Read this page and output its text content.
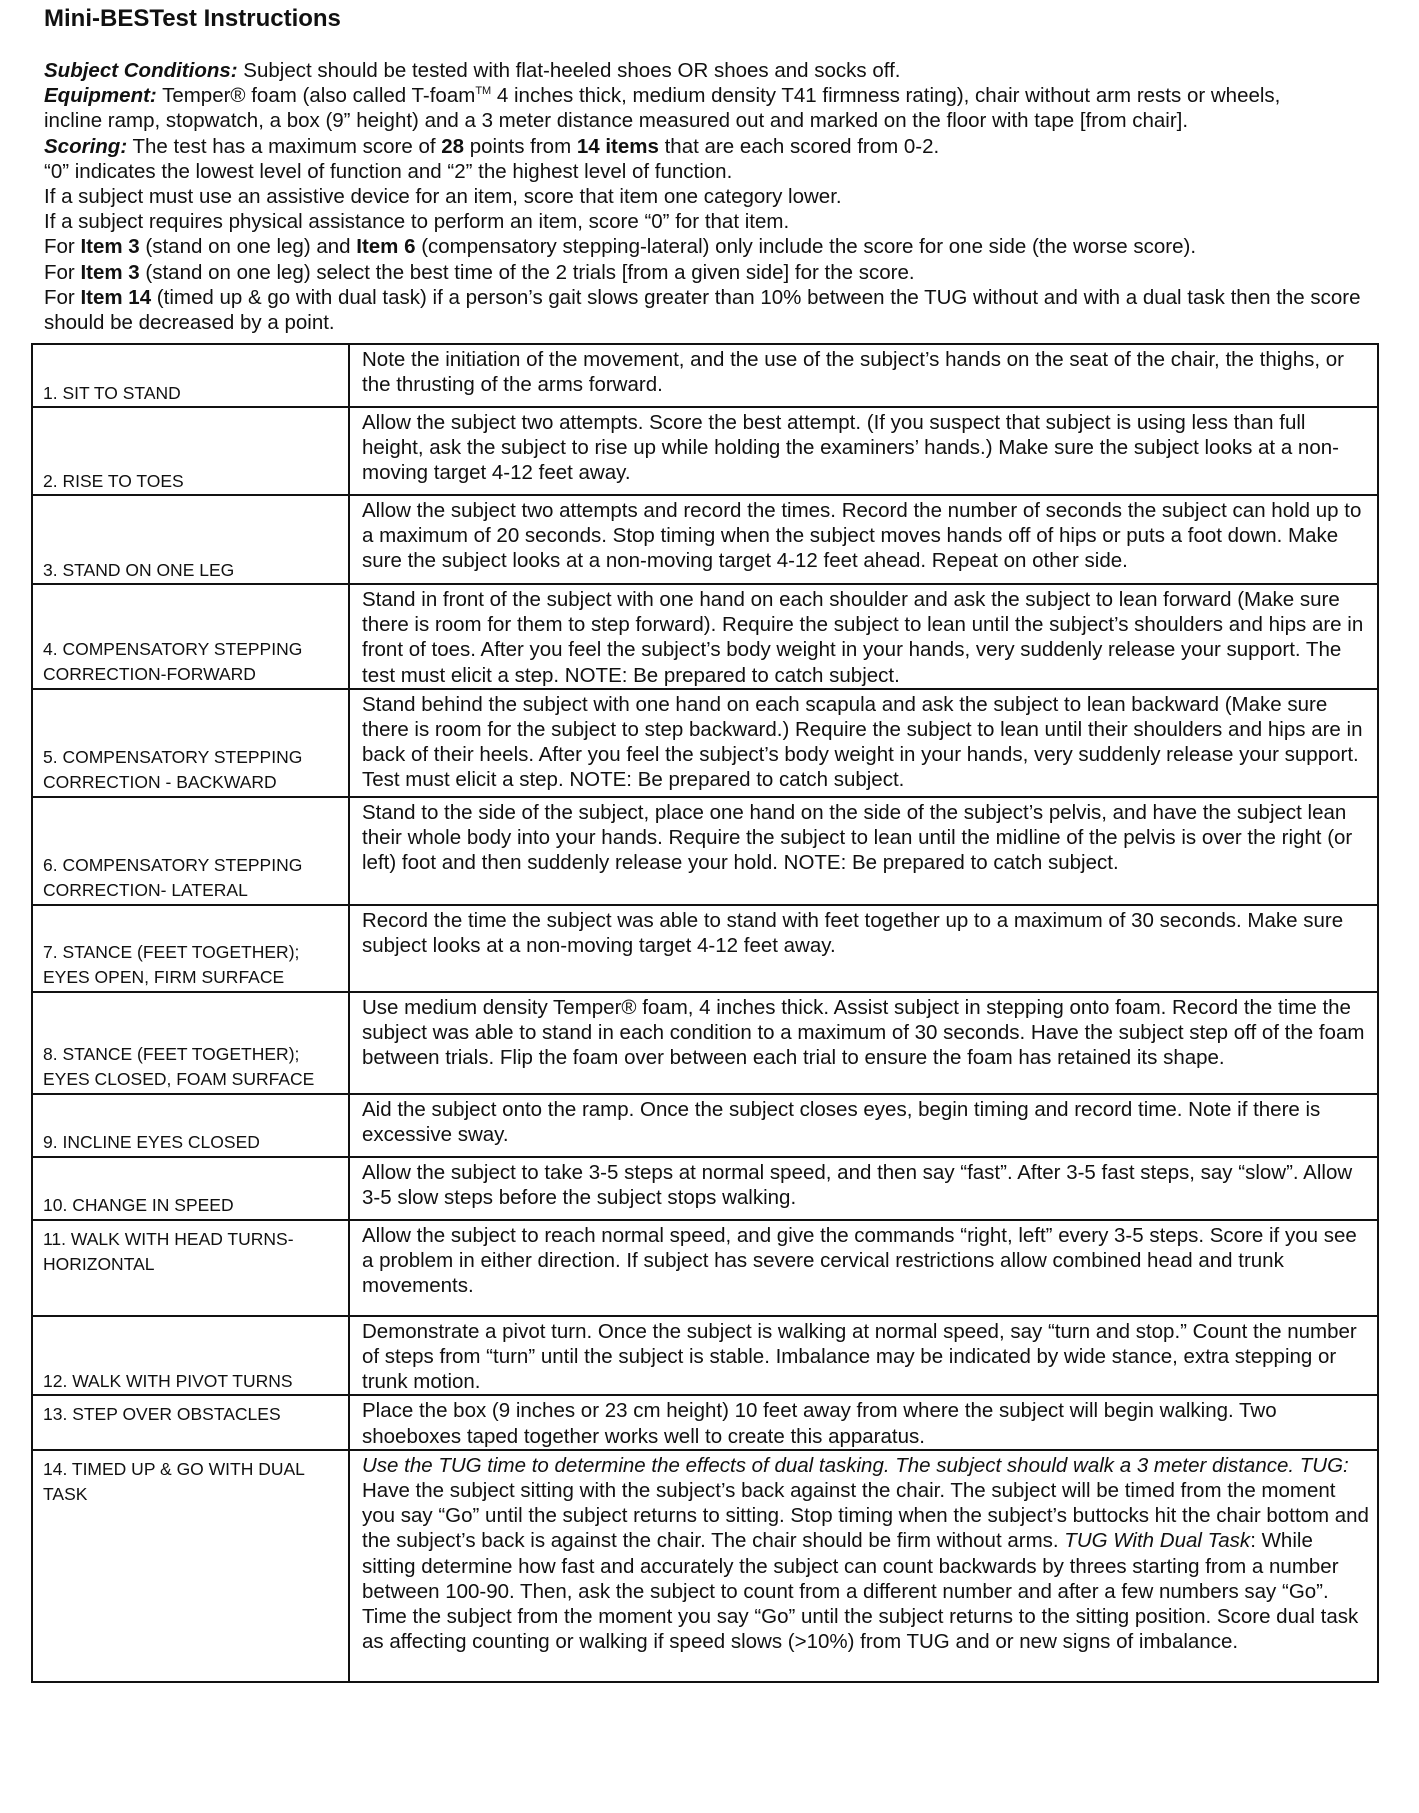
Mini-BESTest Instructions
Subject Conditions: Subject should be tested with flat-heeled shoes OR shoes and socks off.
Equipment: Temper® foam (also called T-foam™ 4 inches thick, medium density T41 firmness rating), chair without arm rests or wheels,
incline ramp, stopwatch, a box (9” height) and a 3 meter distance measured out and marked on the floor with tape [from chair].
Scoring: The test has a maximum score of 28 points from 14 items that are each scored from 0-2.
“0” indicates the lowest level of function and “2” the highest level of function.
If a subject must use an assistive device for an item, score that item one category lower.
If a subject requires physical assistance to perform an item, score “0” for that item.
For Item 3 (stand on one leg) and Item 6 (compensatory stepping-lateral) only include the score for one side (the worse score).
For Item 3 (stand on one leg) select the best time of the 2 trials [from a given side] for the score.
For Item 14 (timed up & go with dual task) if a person’s gait slows greater than 10% between the TUG without and with a dual task then the score should be decreased by a point.
1. SIT TO STAND	Note the initiation of the movement, and the use of the subject’s hands on the seat of the chair, the thighs, or the thrusting of the arms forward.
2. RISE TO TOES	Allow the subject two attempts. Score the best attempt. (If you suspect that subject is using less than full height, ask the subject to rise up while holding the examiners’ hands.) Make sure the subject looks at a non-moving target 4-12 feet away.
3. STAND ON ONE LEG	Allow the subject two attempts and record the times. Record the number of seconds the subject can hold up to a maximum of 20 seconds. Stop timing when the subject moves hands off of hips or puts a foot down. Make sure the subject looks at a non-moving target 4-12 feet ahead. Repeat on other side.
4. COMPENSATORY STEPPING CORRECTION-FORWARD	Stand in front of the subject with one hand on each shoulder and ask the subject to lean forward (Make sure there is room for them to step forward). Require the subject to lean until the subject’s shoulders and hips are in front of toes. After you feel the subject’s body weight in your hands, very suddenly release your support. The test must elicit a step. NOTE: Be prepared to catch subject.
5. COMPENSATORY STEPPING CORRECTION - BACKWARD	Stand behind the subject with one hand on each scapula and ask the subject to lean backward (Make sure there is room for the subject to step backward.) Require the subject to lean until their shoulders and hips are in back of their heels. After you feel the subject’s body weight in your hands, very suddenly release your support. Test must elicit a step. NOTE: Be prepared to catch subject.
6. COMPENSATORY STEPPING CORRECTION- LATERAL	Stand to the side of the subject, place one hand on the side of the subject’s pelvis, and have the subject lean their whole body into your hands. Require the subject to lean until the midline of the pelvis is over the right (or left) foot and then suddenly release your hold. NOTE: Be prepared to catch subject.
7. STANCE (FEET TOGETHER); EYES OPEN, FIRM SURFACE	Record the time the subject was able to stand with feet together up to a maximum of 30 seconds. Make sure subject looks at a non-moving target 4-12 feet away.
8. STANCE (FEET TOGETHER); EYES CLOSED, FOAM SURFACE	Use medium density Temper® foam, 4 inches thick. Assist subject in stepping onto foam. Record the time the subject was able to stand in each condition to a maximum of 30 seconds. Have the subject step off of the foam between trials. Flip the foam over between each trial to ensure the foam has retained its shape.
9. INCLINE EYES CLOSED	Aid the subject onto the ramp. Once the subject closes eyes, begin timing and record time. Note if there is excessive sway.
10. CHANGE IN SPEED	Allow the subject to take 3-5 steps at normal speed, and then say “fast”. After 3-5 fast steps, say “slow”. Allow 3-5 slow steps before the subject stops walking.
11. WALK WITH HEAD TURNS- HORIZONTAL	Allow the subject to reach normal speed, and give the commands “right, left” every 3-5 steps. Score if you see a problem in either direction. If subject has severe cervical restrictions allow combined head and trunk movements.
12. WALK WITH PIVOT TURNS	Demonstrate a pivot turn. Once the subject is walking at normal speed, say “turn and stop.” Count the number of steps from “turn” until the subject is stable. Imbalance may be indicated by wide stance, extra stepping or trunk motion.
13. STEP OVER OBSTACLES	Place the box (9 inches or 23 cm height) 10 feet away from where the subject will begin walking. Two shoeboxes taped together works well to create this apparatus.
14. TIMED UP & GO WITH DUAL TASK	Use the TUG time to determine the effects of dual tasking. The subject should walk a 3 meter distance. TUG: Have the subject sitting with the subject’s back against the chair. The subject will be timed from the moment you say “Go” until the subject returns to sitting. Stop timing when the subject’s buttocks hit the chair bottom and the subject’s back is against the chair. The chair should be firm without arms. TUG With Dual Task: While sitting determine how fast and accurately the subject can count backwards by threes starting from a number between 100-90. Then, ask the subject to count from a different number and after a few numbers say “Go”. Time the subject from the moment you say “Go” until the subject returns to the sitting position. Score dual task as affecting counting or walking if speed slows (>10%) from TUG and or new signs of imbalance.
